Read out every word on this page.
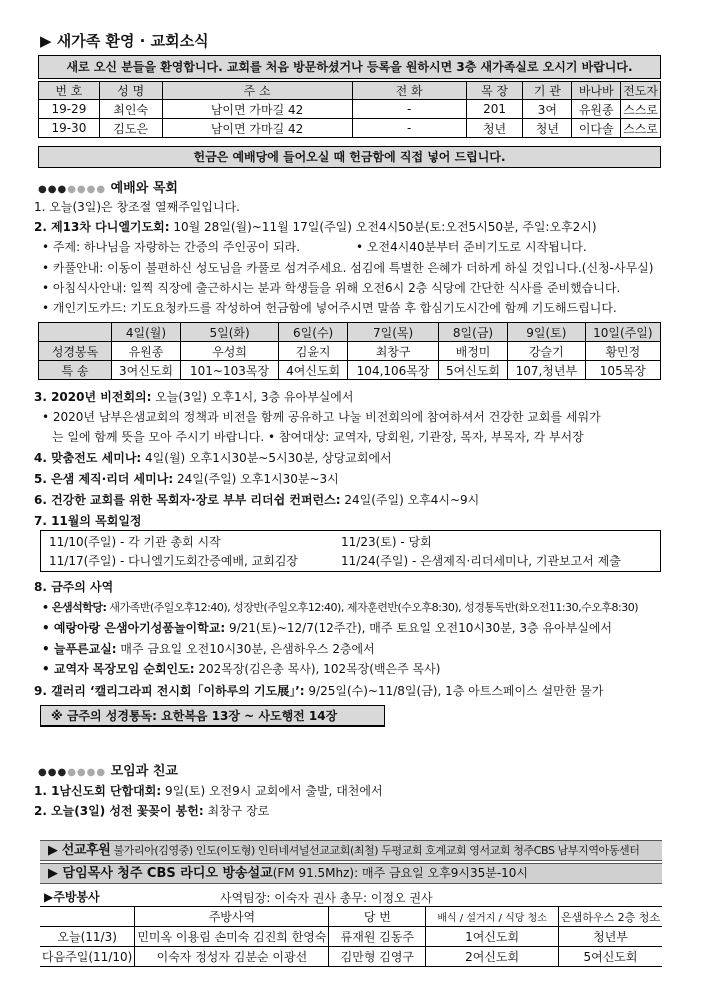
▶ 새가족 환영 · 교회소식
새로 오신 분들을 환영합니다. 교회를 처음 방문하셨거나 등록을 원하시면 3층 새가족실로 오시기 바랍니다.
번 호	성 명	주 소	전 화	목 장	기 관	바나바	전도자
19-29	최인숙	남이면 가마길 42	-	201	3여	유원종	스스로
19-30	김도은	남이면 가마길 42	-	청년	청년	이다솔	스스로
헌금은 예배당에 들어오실 때 헌금함에 직접 넣어 드립니다.
●●●●●●● 예배와 목회
1. 오늘(3일)은 창조절 열째주일입니다.
2. 제13차 다니엘기도회: 10월 28일(월)~11월 17일(주일) 오전4시50분(토:오전5시50분, 주일:오후2시)
• 주제: 하나님을 자랑하는 간증의 주인공이 되라.	• 오전4시40분부터 준비기도로 시작됩니다.
• 카풀안내: 이동이 불편하신 성도님을 카풀로 섬겨주세요. 섬김에 특별한 은혜가 더하게 하실 것입니다.(신청-사무실)
• 아침식사안내: 일찍 직장에 출근하시는 분과 학생들을 위해 오전6시 2층 식당에 간단한 식사를 준비했습니다.
• 개인기도카드: 기도요청카드를 작성하여 헌금함에 넣어주시면 말씀 후 합심기도시간에 함께 기도해드립니다.
	4일(월)	5일(화)	6일(수)	7일(목)	8일(금)	9일(토)	10일(주일)
성경봉독	유원종	우성희	김윤지	최창구	배정미	강슬기	황민정
특 송	3여신도회	101~103목장	4여신도회	104,106목장	5여신도회	107,청년부	105목장
3. 2020년 비전회의: 오늘(3일) 오후1시, 3층 유아부실에서
• 2020년 남부은샘교회의 정책과 비전을 함께 공유하고 나눌 비전회의에 참여하셔서 건강한 교회를 세워가
는 일에 함께 뜻을 모아 주시기 바랍니다. • 참여대상: 교역자, 당회원, 기관장, 목자, 부목자, 각 부서장
4. 맞춤전도 세미나: 4일(월) 오후1시30분~5시30분, 상당교회에서
5. 은샘 제직·리더 세미나: 24일(주일) 오후1시30분~3시
6. 건강한 교회를 위한 목회자·장로 부부 리더쉽 컨퍼런스: 24일(주일) 오후4시~9시
7. 11월의 목회일정
11/10(주일) - 각 기관 총회 시작	11/23(토) - 당회
11/17(주일) - 다니엘기도회간증예배, 교회김장	11/24(주일) - 은샘제직·리더세미나, 기관보고서 제출
8. 금주의 사역
• 은샘석학당: 새가족반(주일오후12:40), 성장반(주일오후12:40), 제자훈련반(수오후8:30), 성경통독반(화오전11:30,수오후8:30)
• 예랑아랑 은샘아기성품놀이학교: 9/21(토)~12/7(12주간), 매주 토요일 오전10시30분, 3층 유아부실에서
• 늘푸른교실: 매주 금요일 오전10시30분, 은샘하우스 2층에서
• 교역자 목장모임 순회인도: 202목장(김은총 목사), 102목장(백은주 목사)
9. 갤러리 ‘캘리그라피 전시회「이하루의 기도展」’: 9/25일(수)~11/8일(금), 1층 아트스페이스 설만한 물가
※ 금주의 성경통독: 요한복음 13장 ~ 사도행전 14장
●●●●●●● 모임과 친교
1. 1남신도회 단합대회: 9일(토) 오전9시 교회에서 출발, 대천에서
2. 오늘(3일) 성전 꽃꽂이 봉헌: 최창구 장로
▶ 선교후원 불가리아(김영중) 인도(이도형) 인터네셔널선교교회(최철) 두평교회 호계교회 영서교회 청주CBS 남부지역아동센터
▶ 담임목사 청주 CBS 라디오 방송설교(FM 91.5Mhz): 매주 금요일 오후9시35분-10시
▶주방봉사	사역팀장: 이숙자 권사 총무: 이정오 권사
	주방사역	당 번	배식 / 설거지 / 식당 청소	은샘하우스 2층 청소
오늘(11/3)	민미옥 이용림 손미숙 김진희 한영숙	류재원 김동주	1여신도회	청년부
다음주일(11/10)	이숙자 정성자 김분순 이광선	김만형 김영구	2여신도회	5여신도회
